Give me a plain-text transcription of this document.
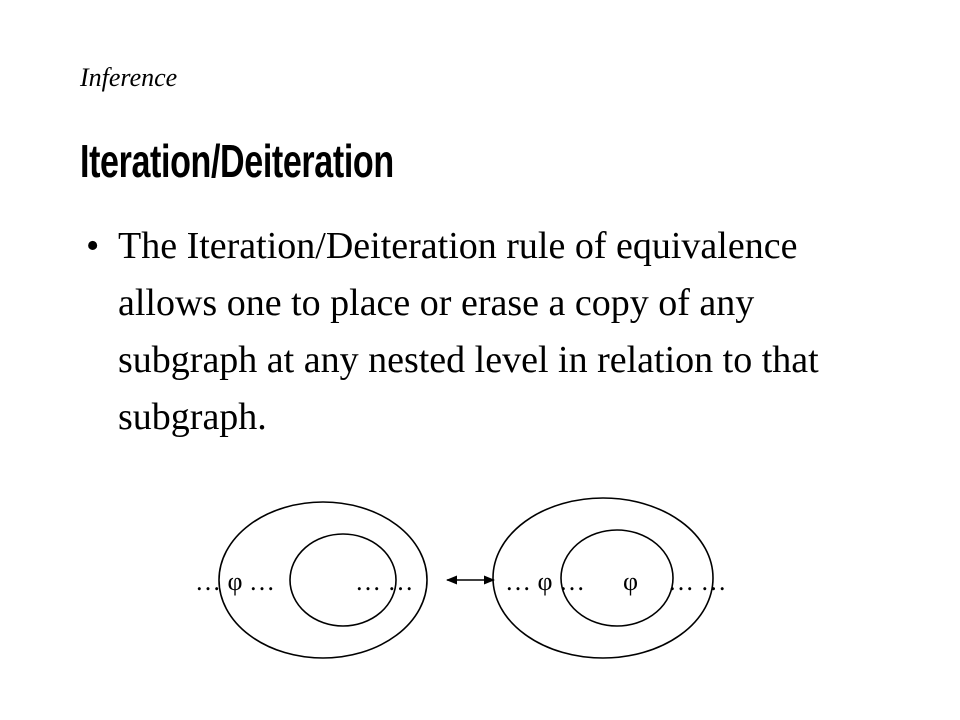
Inference
Iteration/Deiteration
• The Iteration/Deiteration rule of equivalence allows one to place or erase a copy of any subgraph at any nested level in relation to that subgraph.
… φ …	… …	… φ … φ … …
